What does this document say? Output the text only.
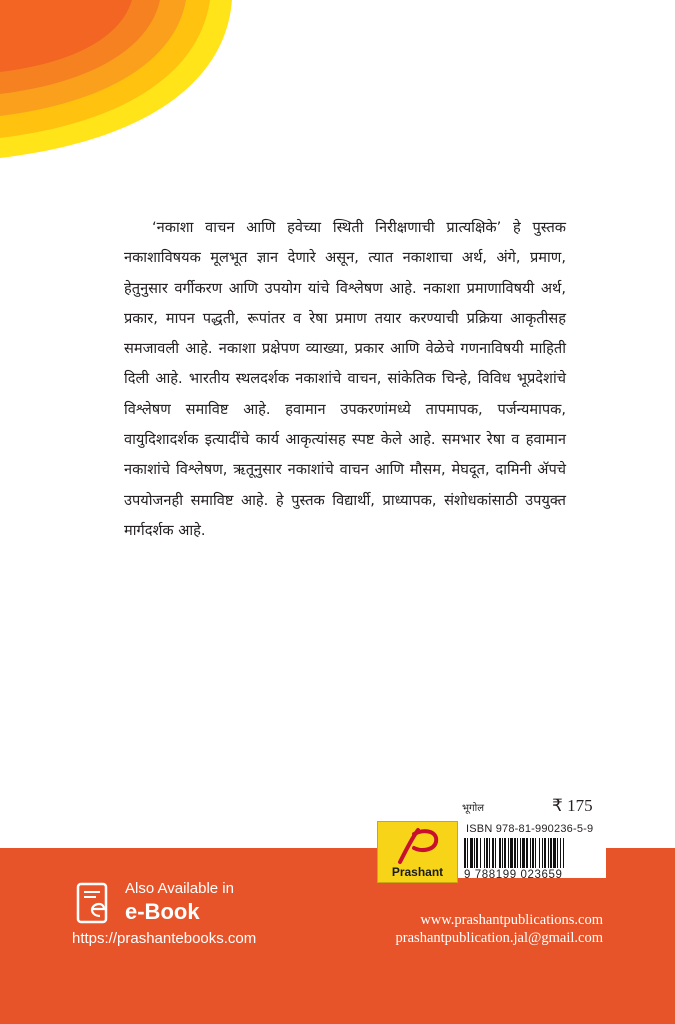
‘नकाशा वाचन आणि हवेच्या स्थिती निरीक्षणाची प्रात्यक्षिके’ हे पुस्तक नकाशाविषयक मूलभूत ज्ञान देणारे असून, त्यात नकाशाचा अर्थ, अंगे, प्रमाण, हेतुनुसार वर्गीकरण आणि उपयोग यांचे विश्लेषण आहे. नकाशा प्रमाणाविषयी अर्थ, प्रकार, मापन पद्धती, रूपांतर व रेषा प्रमाण तयार करण्याची प्रक्रिया आकृतीसह समजावली आहे. नकाशा प्रक्षेपण व्याख्या, प्रकार आणि वेळेचे गणनाविषयी माहिती दिली आहे. भारतीय स्थलदर्शक नकाशांचे वाचन, सांकेतिक चिन्हे, विविध भूप्रदेशांचे विश्लेषण समाविष्ट आहे. हवामान उपकरणांमध्ये तापमापक, पर्जन्यमापक, वायुदिशादर्शक इत्यादींचे कार्य आकृत्यांसह स्पष्ट केले आहे. समभार रेषा व हवामान नकाशांचे विश्लेषण, ऋतूनुसार नकाशांचे वाचन आणि मौसम, मेघदूत, दामिनी ॲपचे उपयोजनही समाविष्ट आहे. हे पुस्तक विद्यार्थी, प्राध्यापक, संशोधकांसाठी उपयुक्त मार्गदर्शक आहे.

भूगोल	₹ 175
ISBN 978-81-990236-5-9
9 788199 023659
P
Prashant
Also Available in
e-Book
https://prashantebooks.com
www.prashantpublications.com
prashantpublication.jal@gmail.com
